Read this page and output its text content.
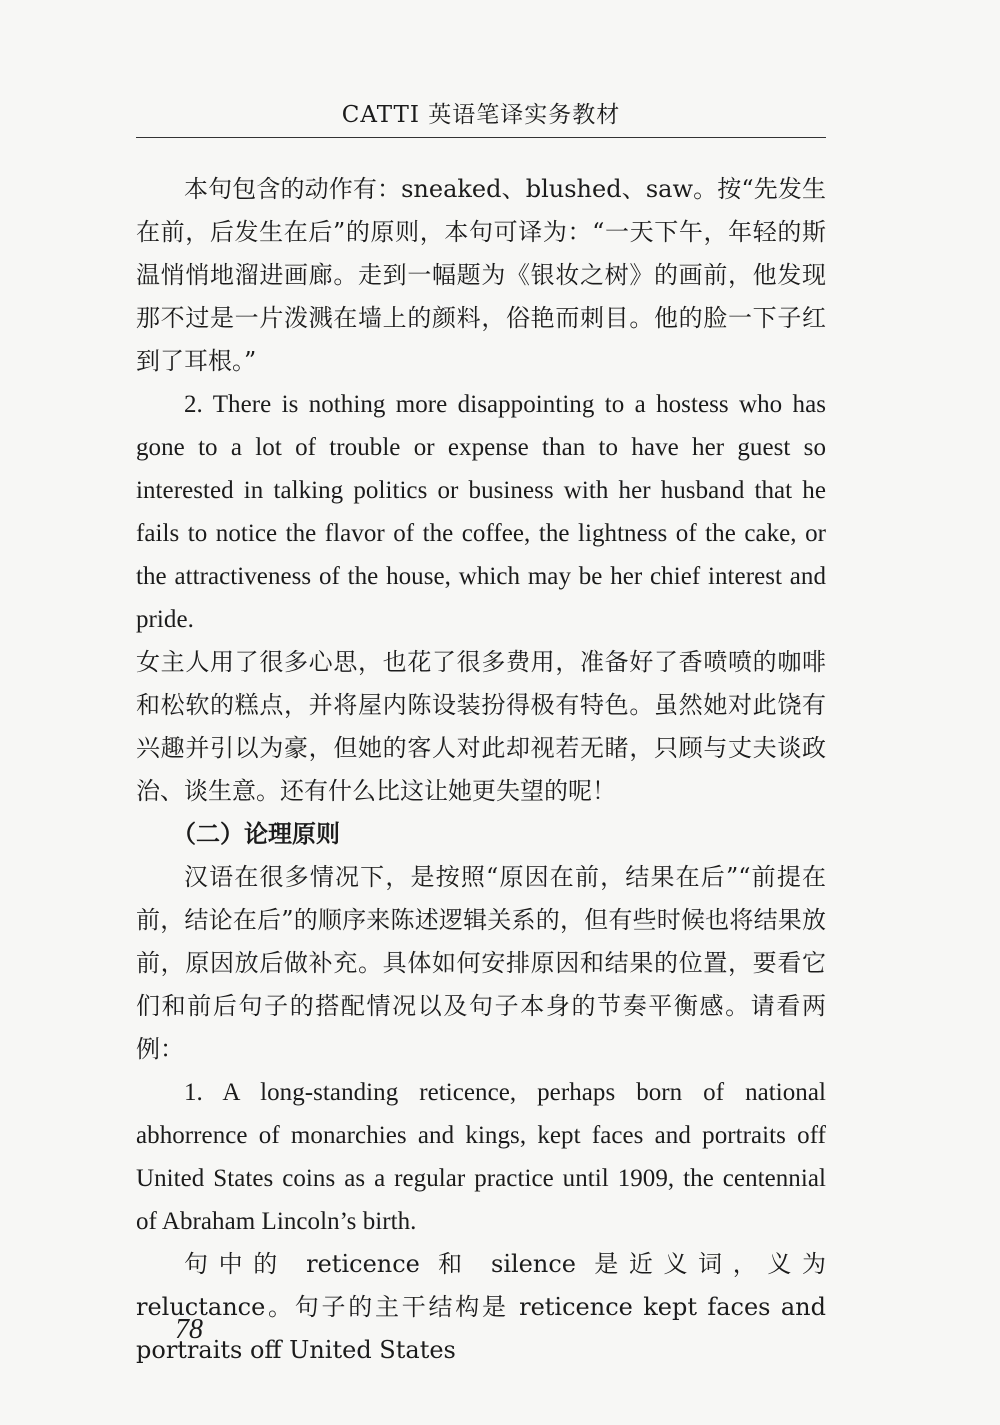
CATTI 英语笔译实务教材

本句包含的动作有：sneaked、blushed、saw。按“先发生在前，后发生在后”的原则，本句可译为：“一天下午，年轻的斯温悄悄地溜进画廊。走到一幅题为《银妆之树》的画前，他发现那不过是一片泼溅在墙上的颜料，俗艳而刺目。他的脸一下子红到了耳根。”

2. There is nothing more disappointing to a hostess who has gone to a lot of trouble or expense than to have her guest so interested in talking politics or business with her husband that he fails to notice the flavor of the coffee, the lightness of the cake, or the attractiveness of the house, which may be her chief interest and pride.

女主人用了很多心思，也花了很多费用，准备好了香喷喷的咖啡和松软的糕点，并将屋内陈设装扮得极有特色。虽然她对此饶有兴趣并引以为豪，但她的客人对此却视若无睹，只顾与丈夫谈政治、谈生意。还有什么比这让她更失望的呢！

（二）论理原则

汉语在很多情况下，是按照“原因在前，结果在后”“前提在前，结论在后”的顺序来陈述逻辑关系的，但有些时候也将结果放前，原因放后做补充。具体如何安排原因和结果的位置，要看它们和前后句子的搭配情况以及句子本身的节奏平衡感。请看两例：

1. A long-standing reticence, perhaps born of national abhorrence of monarchies and kings, kept faces and portraits off United States coins as a regular practice until 1909, the centennial of Abraham Lincoln’s birth.

句中的 reticence 和 silence 是近义词，义为 reluctance。句子的主干结构是 reticence kept faces and portraits off United States

78
